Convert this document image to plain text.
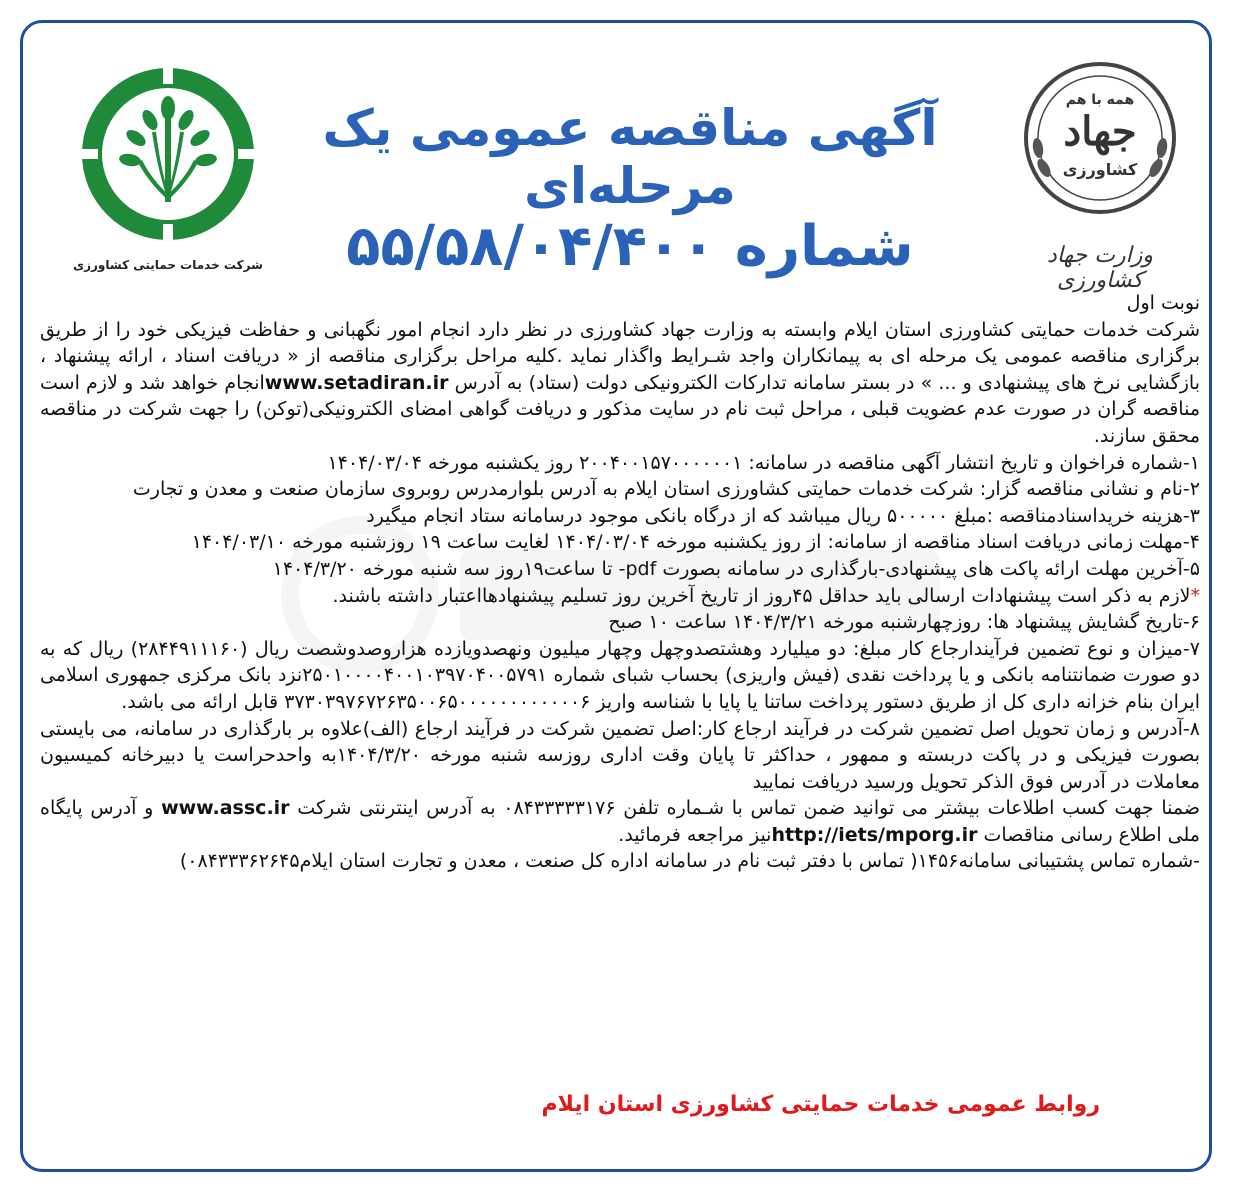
شرکت خدمات حمایتی کشاورزی
آگهی مناقصه عمومی یک مرحله‌ای
شماره ۵۵/۵۸/۰۴/۴۰۰
همه با هم
جهاد
کشاورزی
وزارت جهاد کشاورزی

نوبت اول

شرکت خدمات حمایتی کشاورزی استان ایلام وابسته به وزارت جهاد کشاورزی در نظر دارد انجام امور نگهبانی و حفاظت فیزیکی خود را از طریق برگزاری مناقصه عمومی یک مرحله ای به پیمانکاران واجد شـرایط واگذار نماید .کلیه مراحل برگزاری مناقصه از « دریافت اسناد ، ارائه پیشنهاد ، بازگشایی نرخ های پیشنهادی و ... » در بستر سامانه تدارکات الکترونیکی دولت (ستاد) به آدرس www.setadiran.irانجام خواهد شد و لازم است مناقصه گران در صورت عدم عضویت قبلی ، مراحل ثبت نام در سایت مذکور و دریافت گواهی امضای الکترونیکی(توکن) را جهت شرکت در مناقصه محقق سازند.

۱-شماره فراخوان و تاریخ انتشار آگهی مناقصه در سامانه: ۲۰۰۴۰۰۱۵۷۰۰۰۰۰۰۱ روز یکشنبه مورخه ۱۴۰۴/۰۳/۰۴

۲-نام و نشانی مناقصه گزار: شرکت خدمات حمایتی کشاورزی استان ایلام به آدرس بلوارمدرس روبروی سازمان صنعت و معدن و تجارت

۳-هزینه خریداسنادمناقصه :مبلغ ۵۰۰۰۰۰ ریال میباشد که از درگاه بانکی موجود درسامانه ستاد انجام میگیرد

۴-مهلت زمانی دریافت اسناد مناقصه از سامانه: از روز یکشنبه مورخه ۱۴۰۴/۰۳/۰۴ لغایت ساعت ۱۹ روزشنبه مورخه ۱۴۰۴/۰۳/۱۰

۵-آخرین مهلت ارائه پاکت های پیشنهادی-بارگذاری در سامانه بصورت pdf- تا ساعت۱۹روز سه شنبه مورخه ۱۴۰۴/۳/۲۰

*لازم به ذکر است پیشنهادات ارسالی باید حداقل ۴۵روز از تاریخ آخرین روز تسلیم پیشنهادهااعتبار داشته باشند.

۶-تاریخ گشایش پیشنهاد ها: روزچهارشنبه مورخه ۱۴۰۴/۳/۲۱ ساعت ۱۰ صبح

۷-میزان و نوع تضمین فرآیندارجاع کار مبلغ: دو میلیارد وهشتصدوچهل وچهار میلیون ونهصدویازده هزاروصدوشصت ریال (۲۸۴۴۹۱۱۱۶۰) ریال که به دو صورت ضمانتنامه بانکی و یا پرداخت نقدی (فیش واریزی) بحساب شبای شماره ۲۵۰۱۰۰۰۰۴۰۰۱۰۳۹۷۰۴۰۰۵۷۹۱نزد بانک مرکزی جمهوری اسلامی ایران بنام خزانه داری کل از طریق دستور پرداخت ساتنا یا پایا با شناسه واریز ۳۷۳۰۳۹۷۶۷۲۶۳۵۰۰۶۵۰۰۰۰۰۰۰۰۰۰۰۰۶ قابل ارائه می باشد.

۸-آدرس و زمان تحویل اصل تضمین شرکت در فرآیند ارجاع کار:اصل تضمین شرکت در فرآیند ارجاع (الف)علاوه بر بارگذاری در سامانه، می بایستی بصورت فیزیکی و در پاکت دربسته و ممهور ، حداکثر تا پایان وقت اداری روزسه شنبه مورخه ۱۴۰۴/۳/۲۰به واحدحراست یا دبیرخانه کمیسیون معاملات در آدرس فوق الذکر تحویل ورسید دریافت نمایید

ضمنا جهت کسب اطلاعات بیشتر می توانید ضمن تماس با شـماره تلفن ۰۸۴۳۳۳۳۳۱۷۶ به آدرس اینترنتی شرکت www.assc.ir و آدرس پایگاه ملی اطلاع رسانی مناقصات http://iets/mporg.irنیز مراجعه فرمائید.

-شماره تماس پشتیبانی سامانه۱۴۵۶( تماس با دفتر ثبت نام در سامانه اداره کل صنعت ، معدن و تجارت استان ایلام۰۸۴۳۳۳۶۲۶۴۵)

روابط عمومی خدمات حمایتی کشاورزی استان ایلام
